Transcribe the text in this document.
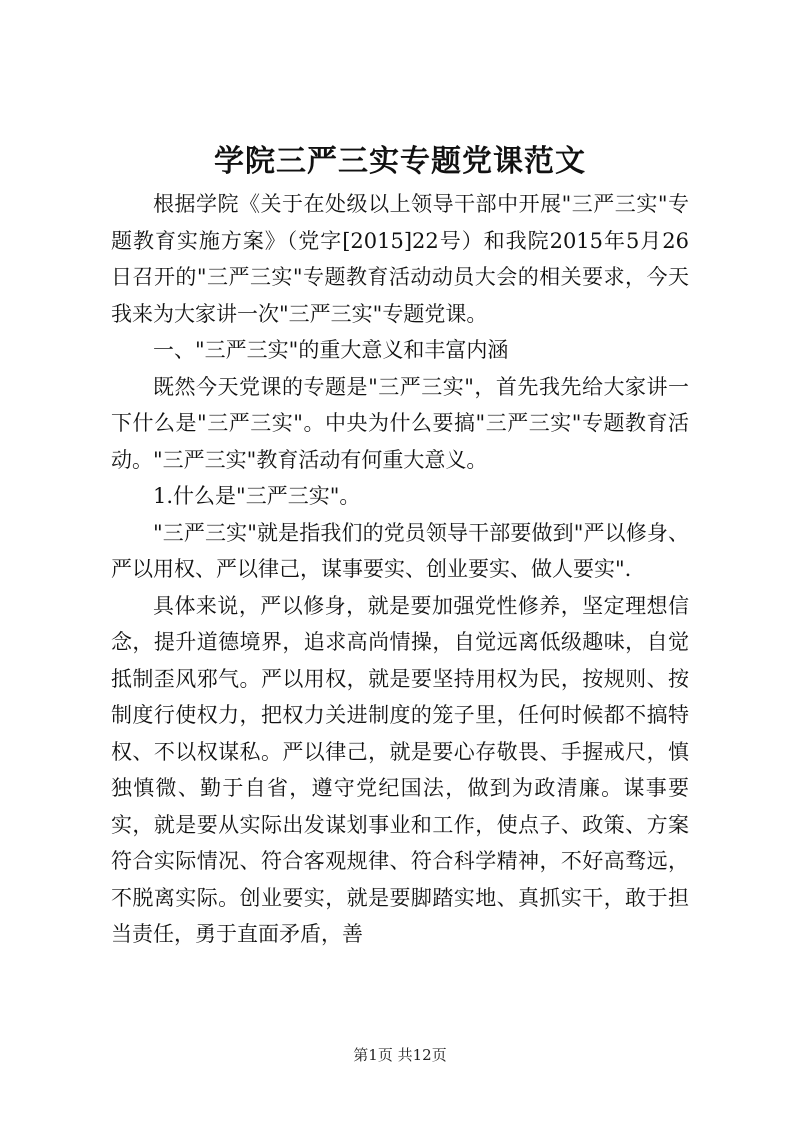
学院三严三实专题党课范文

根据学院《关于在处级以上领导干部中开展"三严三实"专题教育实施方案》（党字[2015]22号）和我院2015年5月26日召开的"三严三实"专题教育活动动员大会的相关要求，今天我来为大家讲一次"三严三实"专题党课。

一、"三严三实"的重大意义和丰富内涵

既然今天党课的专题是"三严三实"，首先我先给大家讲一下什么是"三严三实"。中央为什么要搞"三严三实"专题教育活动。"三严三实"教育活动有何重大意义。

1.什么是"三严三实"。

"三严三实"就是指我们的党员领导干部要做到"严以修身、严以用权、严以律己，谋事要实、创业要实、做人要实".

具体来说，严以修身，就是要加强党性修养，坚定理想信念，提升道德境界，追求高尚情操，自觉远离低级趣味，自觉抵制歪风邪气。严以用权，就是要坚持用权为民，按规则、按制度行使权力，把权力关进制度的笼子里，任何时候都不搞特权、不以权谋私。严以律己，就是要心存敬畏、手握戒尺，慎独慎微、勤于自省，遵守党纪国法，做到为政清廉。谋事要实，就是要从实际出发谋划事业和工作，使点子、政策、方案符合实际情况、符合客观规律、符合科学精神，不好高骛远，不脱离实际。创业要实，就是要脚踏实地、真抓实干，敢于担当责任，勇于直面矛盾，善

第1页 共12页
